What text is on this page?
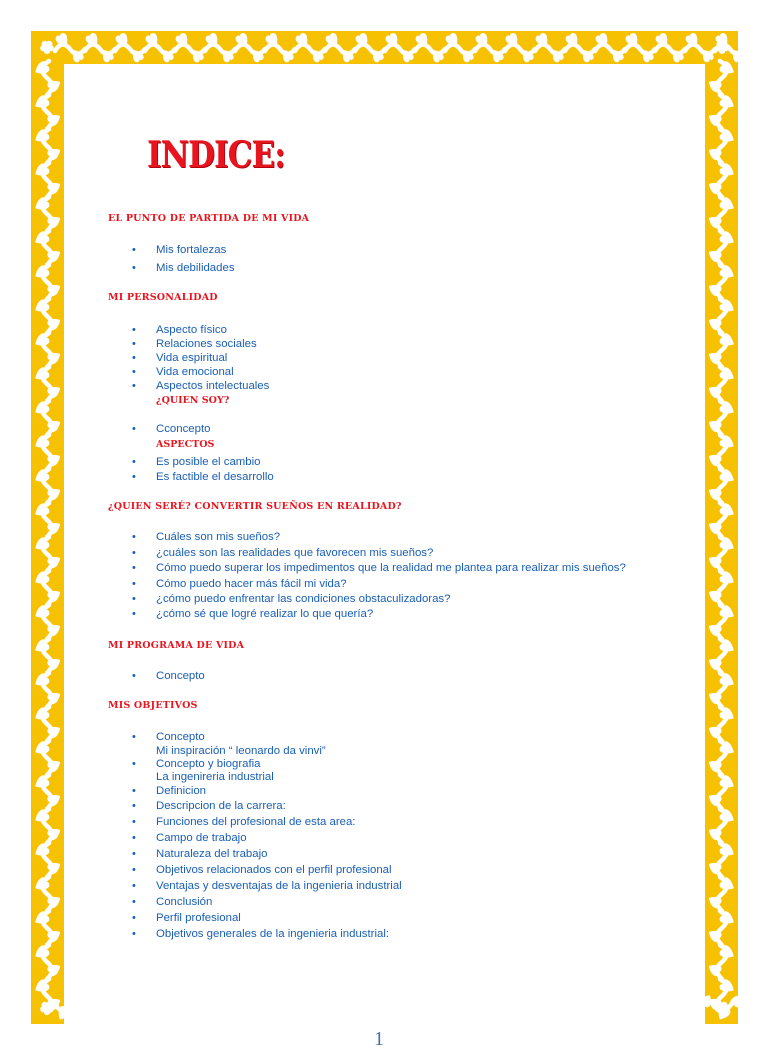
INDICE:

EL PUNTO DE PARTIDA DE MI VIDA

• Mis fortalezas

• Mis debilidades

MI PERSONALIDAD

• Aspecto físico

• Relaciones sociales

• Vida espiritual

• Vida emocional

• Aspectos intelectuales

¿QUIEN SOY?

• Cconcepto

ASPECTOS

• Es posible el cambio

• Es factible el desarrollo

¿QUIEN SERÉ? CONVERTIR SUEÑOS EN REALIDAD?

• Cuáles son mis sueños?

• ¿cuáles son las realidades que favorecen mis sueños?

• Cómo puedo superar los impedimentos que la realidad me plantea para realizar mis sueños?

• Cómo puedo hacer más fácil mi vida?

• ¿cómo puedo enfrentar las condiciones obstaculizadoras?

• ¿cómo sé que logré realizar lo que quería?

MI PROGRAMA DE VIDA

• Concepto

MIS OBJETIVOS

• Concepto

Mi inspiración “ leonardo da vinvi”

• Concepto y biografia

La ingenireria industrial

• Definicion

• Descripcion de la carrera:

• Funciones del profesional de esta area:

• Campo de trabajo

• Naturaleza del trabajo

• Objetivos relacionados con el perfil profesional

• Ventajas y desventajas de la ingenieria industrial

• Conclusión

• Perfil profesional

• Objetivos generales de la ingenieria industrial:

1
